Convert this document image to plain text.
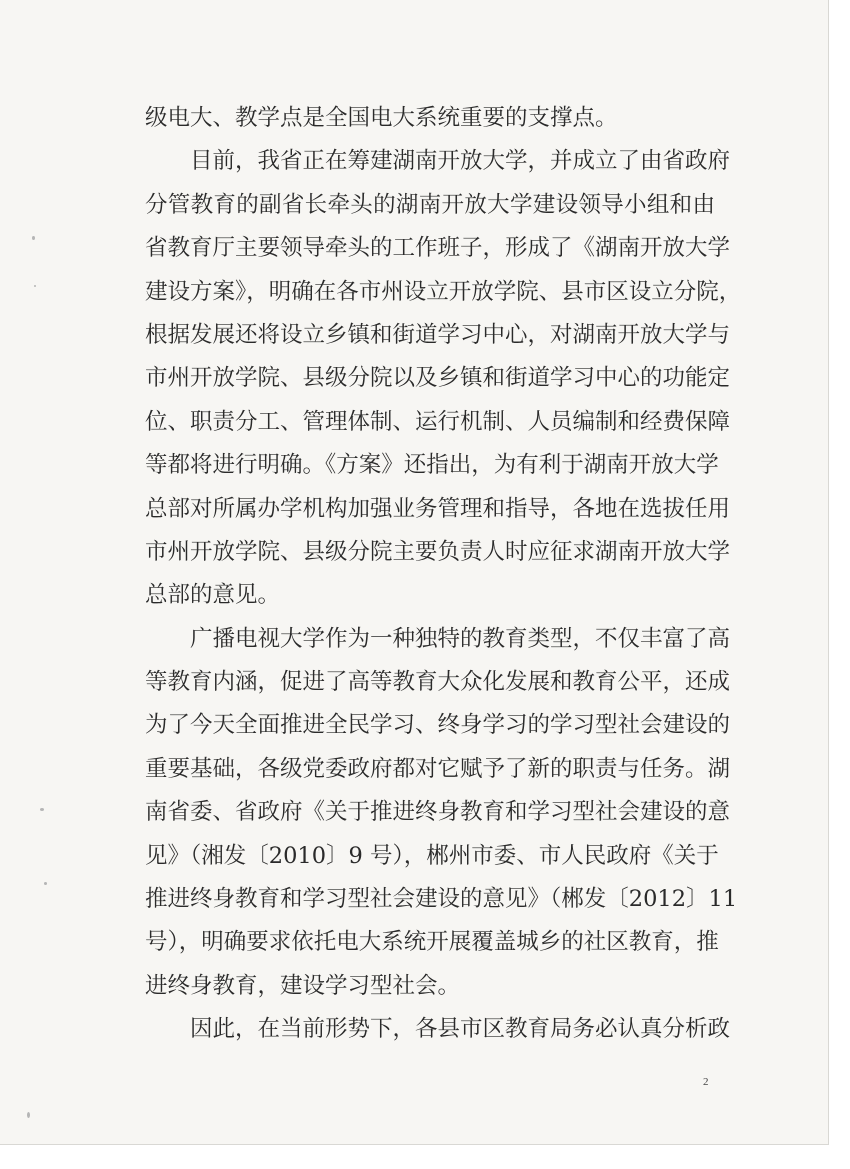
级电大、教学点是全国电大系统重要的支撑点。
目前，我省正在筹建湖南开放大学，并成立了由省政府
分管教育的副省长牵头的湖南开放大学建设领导小组和由
省教育厅主要领导牵头的工作班子，形成了《湖南开放大学
建设方案》，明确在各市州设立开放学院、县市区设立分院，
根据发展还将设立乡镇和街道学习中心，对湖南开放大学与
市州开放学院、县级分院以及乡镇和街道学习中心的功能定
位、职责分工、管理体制、运行机制、人员编制和经费保障
等都将进行明确。《方案》还指出，为有利于湖南开放大学
总部对所属办学机构加强业务管理和指导，各地在选拔任用
市州开放学院、县级分院主要负责人时应征求湖南开放大学
总部的意见。
广播电视大学作为一种独特的教育类型，不仅丰富了高
等教育内涵，促进了高等教育大众化发展和教育公平，还成
为了今天全面推进全民学习、终身学习的学习型社会建设的
重要基础，各级党委政府都对它赋予了新的职责与任务。湖
南省委、省政府《关于推进终身教育和学习型社会建设的意
见》（湘发〔2010〕9 号），郴州市委、市人民政府《关于
推进终身教育和学习型社会建设的意见》（郴发〔2012〕11
号），明确要求依托电大系统开展覆盖城乡的社区教育，推
进终身教育，建设学习型社会。
因此，在当前形势下，各县市区教育局务必认真分析政
2
